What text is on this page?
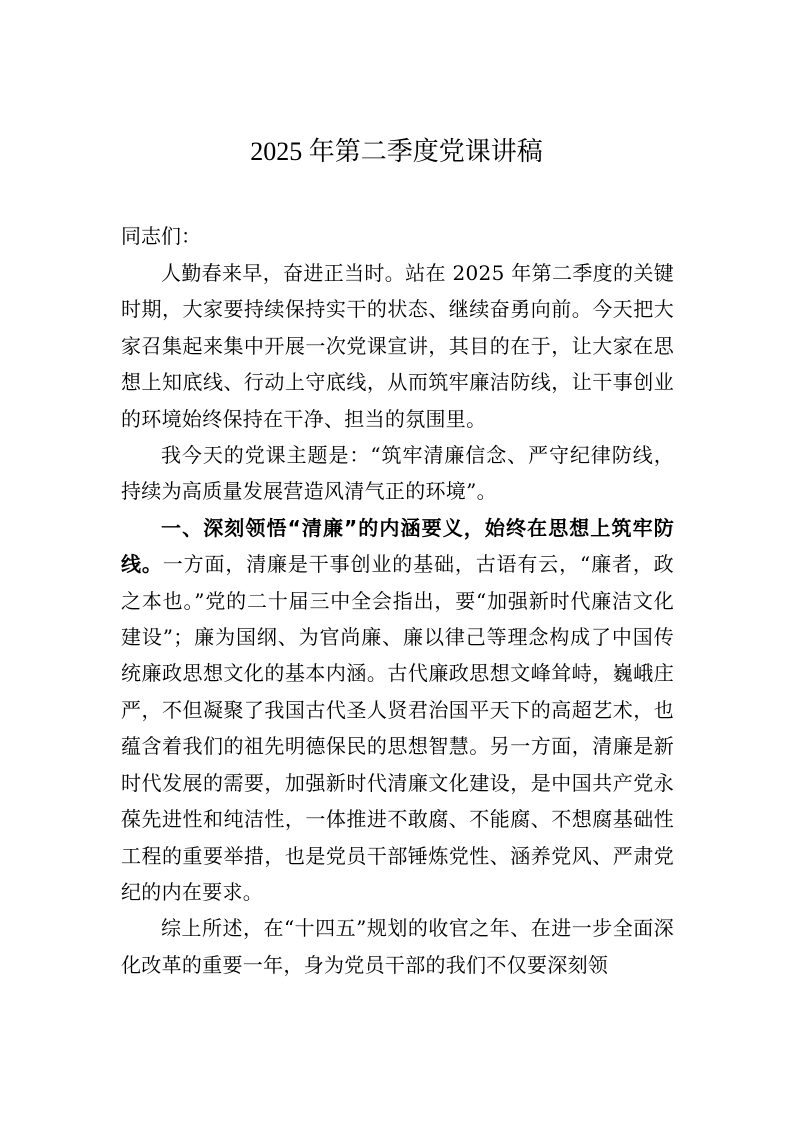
2025 年第二季度党课讲稿
同志们：

人勤春来早，奋进正当时。站在 2025 年第二季度的关键时期，大家要持续保持实干的状态、继续奋勇向前。今天把大家召集起来集中开展一次党课宣讲，其目的在于，让大家在思想上知底线、行动上守底线，从而筑牢廉洁防线，让干事创业的环境始终保持在干净、担当的氛围里。

我今天的党课主题是：“筑牢清廉信念、严守纪律防线，持续为高质量发展营造风清气正的环境”。

一、深刻领悟“清廉”的内涵要义，始终在思想上筑牢防线。一方面，清廉是干事创业的基础，古语有云，“廉者，政之本也。”党的二十届三中全会指出，要“加强新时代廉洁文化建设”；廉为国纲、为官尚廉、廉以律己等理念构成了中国传统廉政思想文化的基本内涵。古代廉政思想文峰耸峙，巍峨庄严，不但凝聚了我国古代圣人贤君治国平天下的高超艺术，也蕴含着我们的祖先明德保民的思想智慧。另一方面，清廉是新时代发展的需要，加强新时代清廉文化建设，是中国共产党永葆先进性和纯洁性，一体推进不敢腐、不能腐、不想腐基础性工程的重要举措，也是党员干部锤炼党性、涵养党风、严肃党纪的内在要求。

综上所述，在“十四五”规划的收官之年、在进一步全面深化改革的重要一年，身为党员干部的我们不仅要深刻领
